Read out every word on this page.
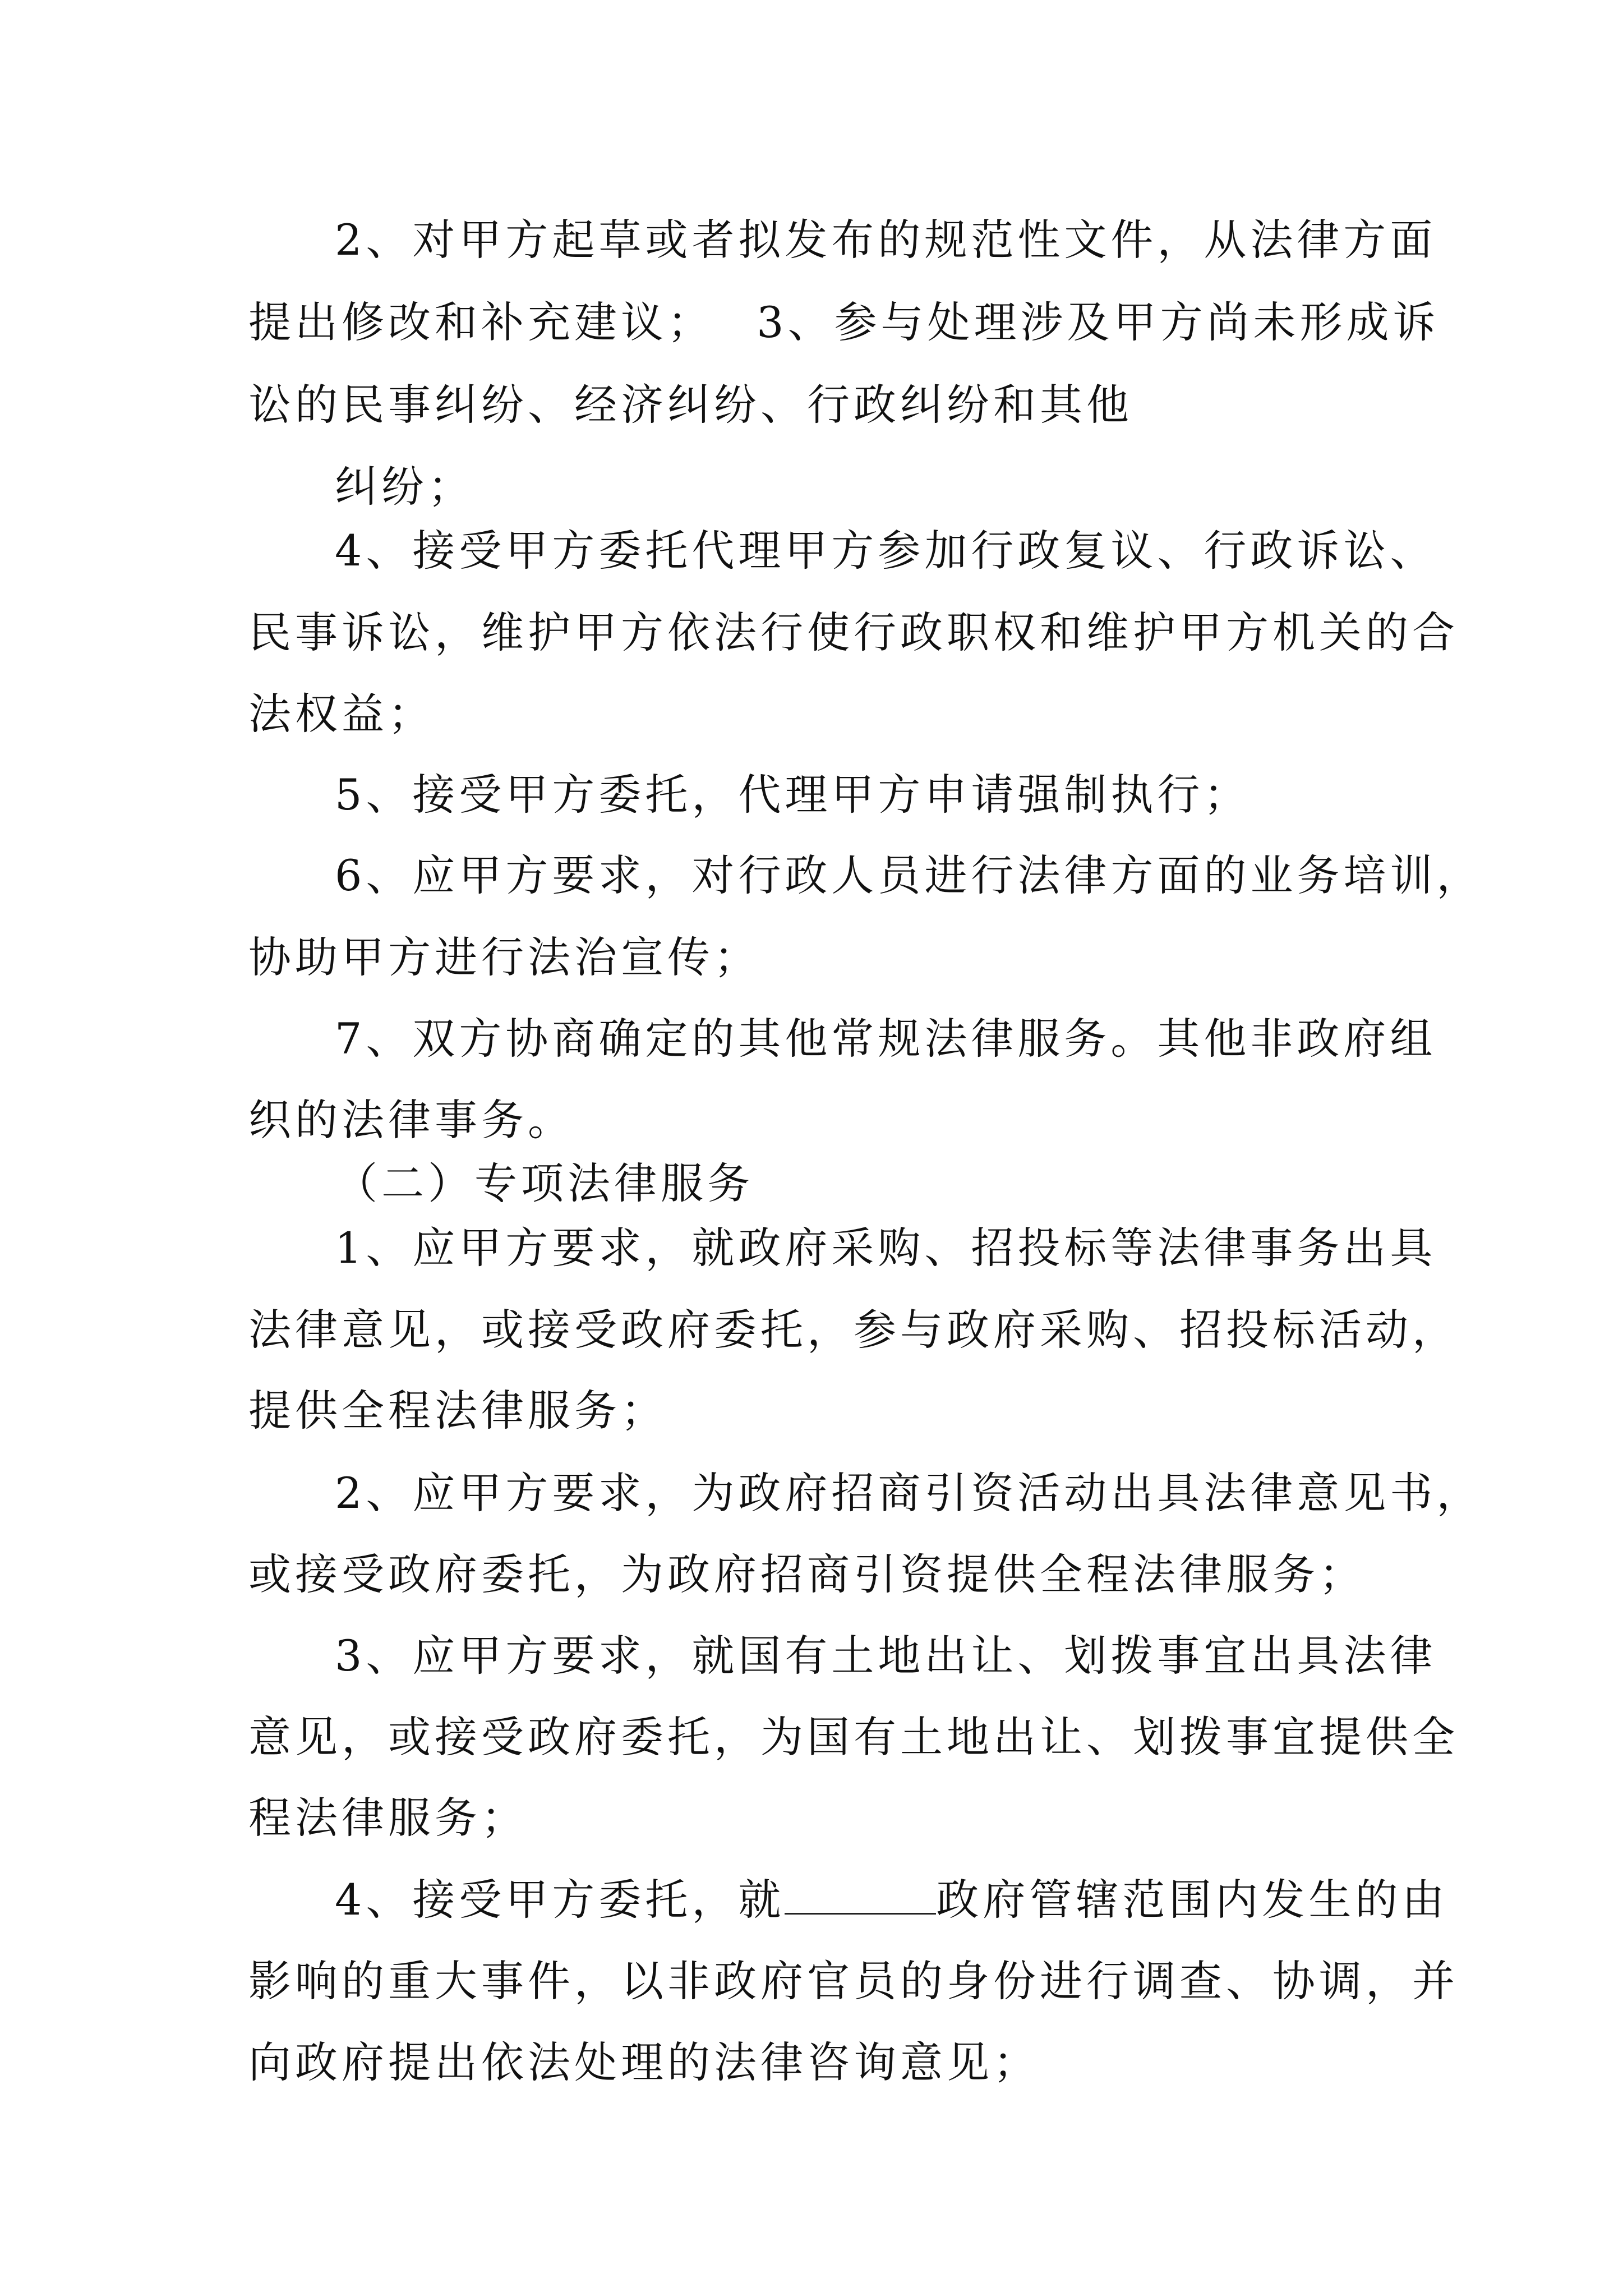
2、对甲方起草或者拟发布的规范性文件，从法律方面
提出修改和补充建议；　 3、参与处理涉及甲方尚未形成诉
讼的民事纠纷、经济纠纷、行政纠纷和其他
纠纷；
4、接受甲方委托代理甲方参加行政复议、行政诉讼、
民事诉讼，维护甲方依法行使行政职权和维护甲方机关的合
法权益；
5、接受甲方委托，代理甲方申请强制执行；
6、应甲方要求，对行政人员进行法律方面的业务培训，
协助甲方进行法治宣传；
7、双方协商确定的其他常规法律服务。其他非政府组
织的法律事务。
（二）专项法律服务
1、应甲方要求，就政府采购、招投标等法律事务出具
法律意见，或接受政府委托，参与政府采购、招投标活动，
提供全程法律服务；
2、应甲方要求，为政府招商引资活动出具法律意见书，
或接受政府委托，为政府招商引资提供全程法律服务；
3、应甲方要求，就国有土地出让、划拨事宜出具法律
意见，或接受政府委托，为国有土地出让、划拨事宜提供全
程法律服务；
4、接受甲方委托，就	政府管辖范围内发生的由
影响的重大事件，以非政府官员的身份进行调查、协调，并
向政府提出依法处理的法律咨询意见；
